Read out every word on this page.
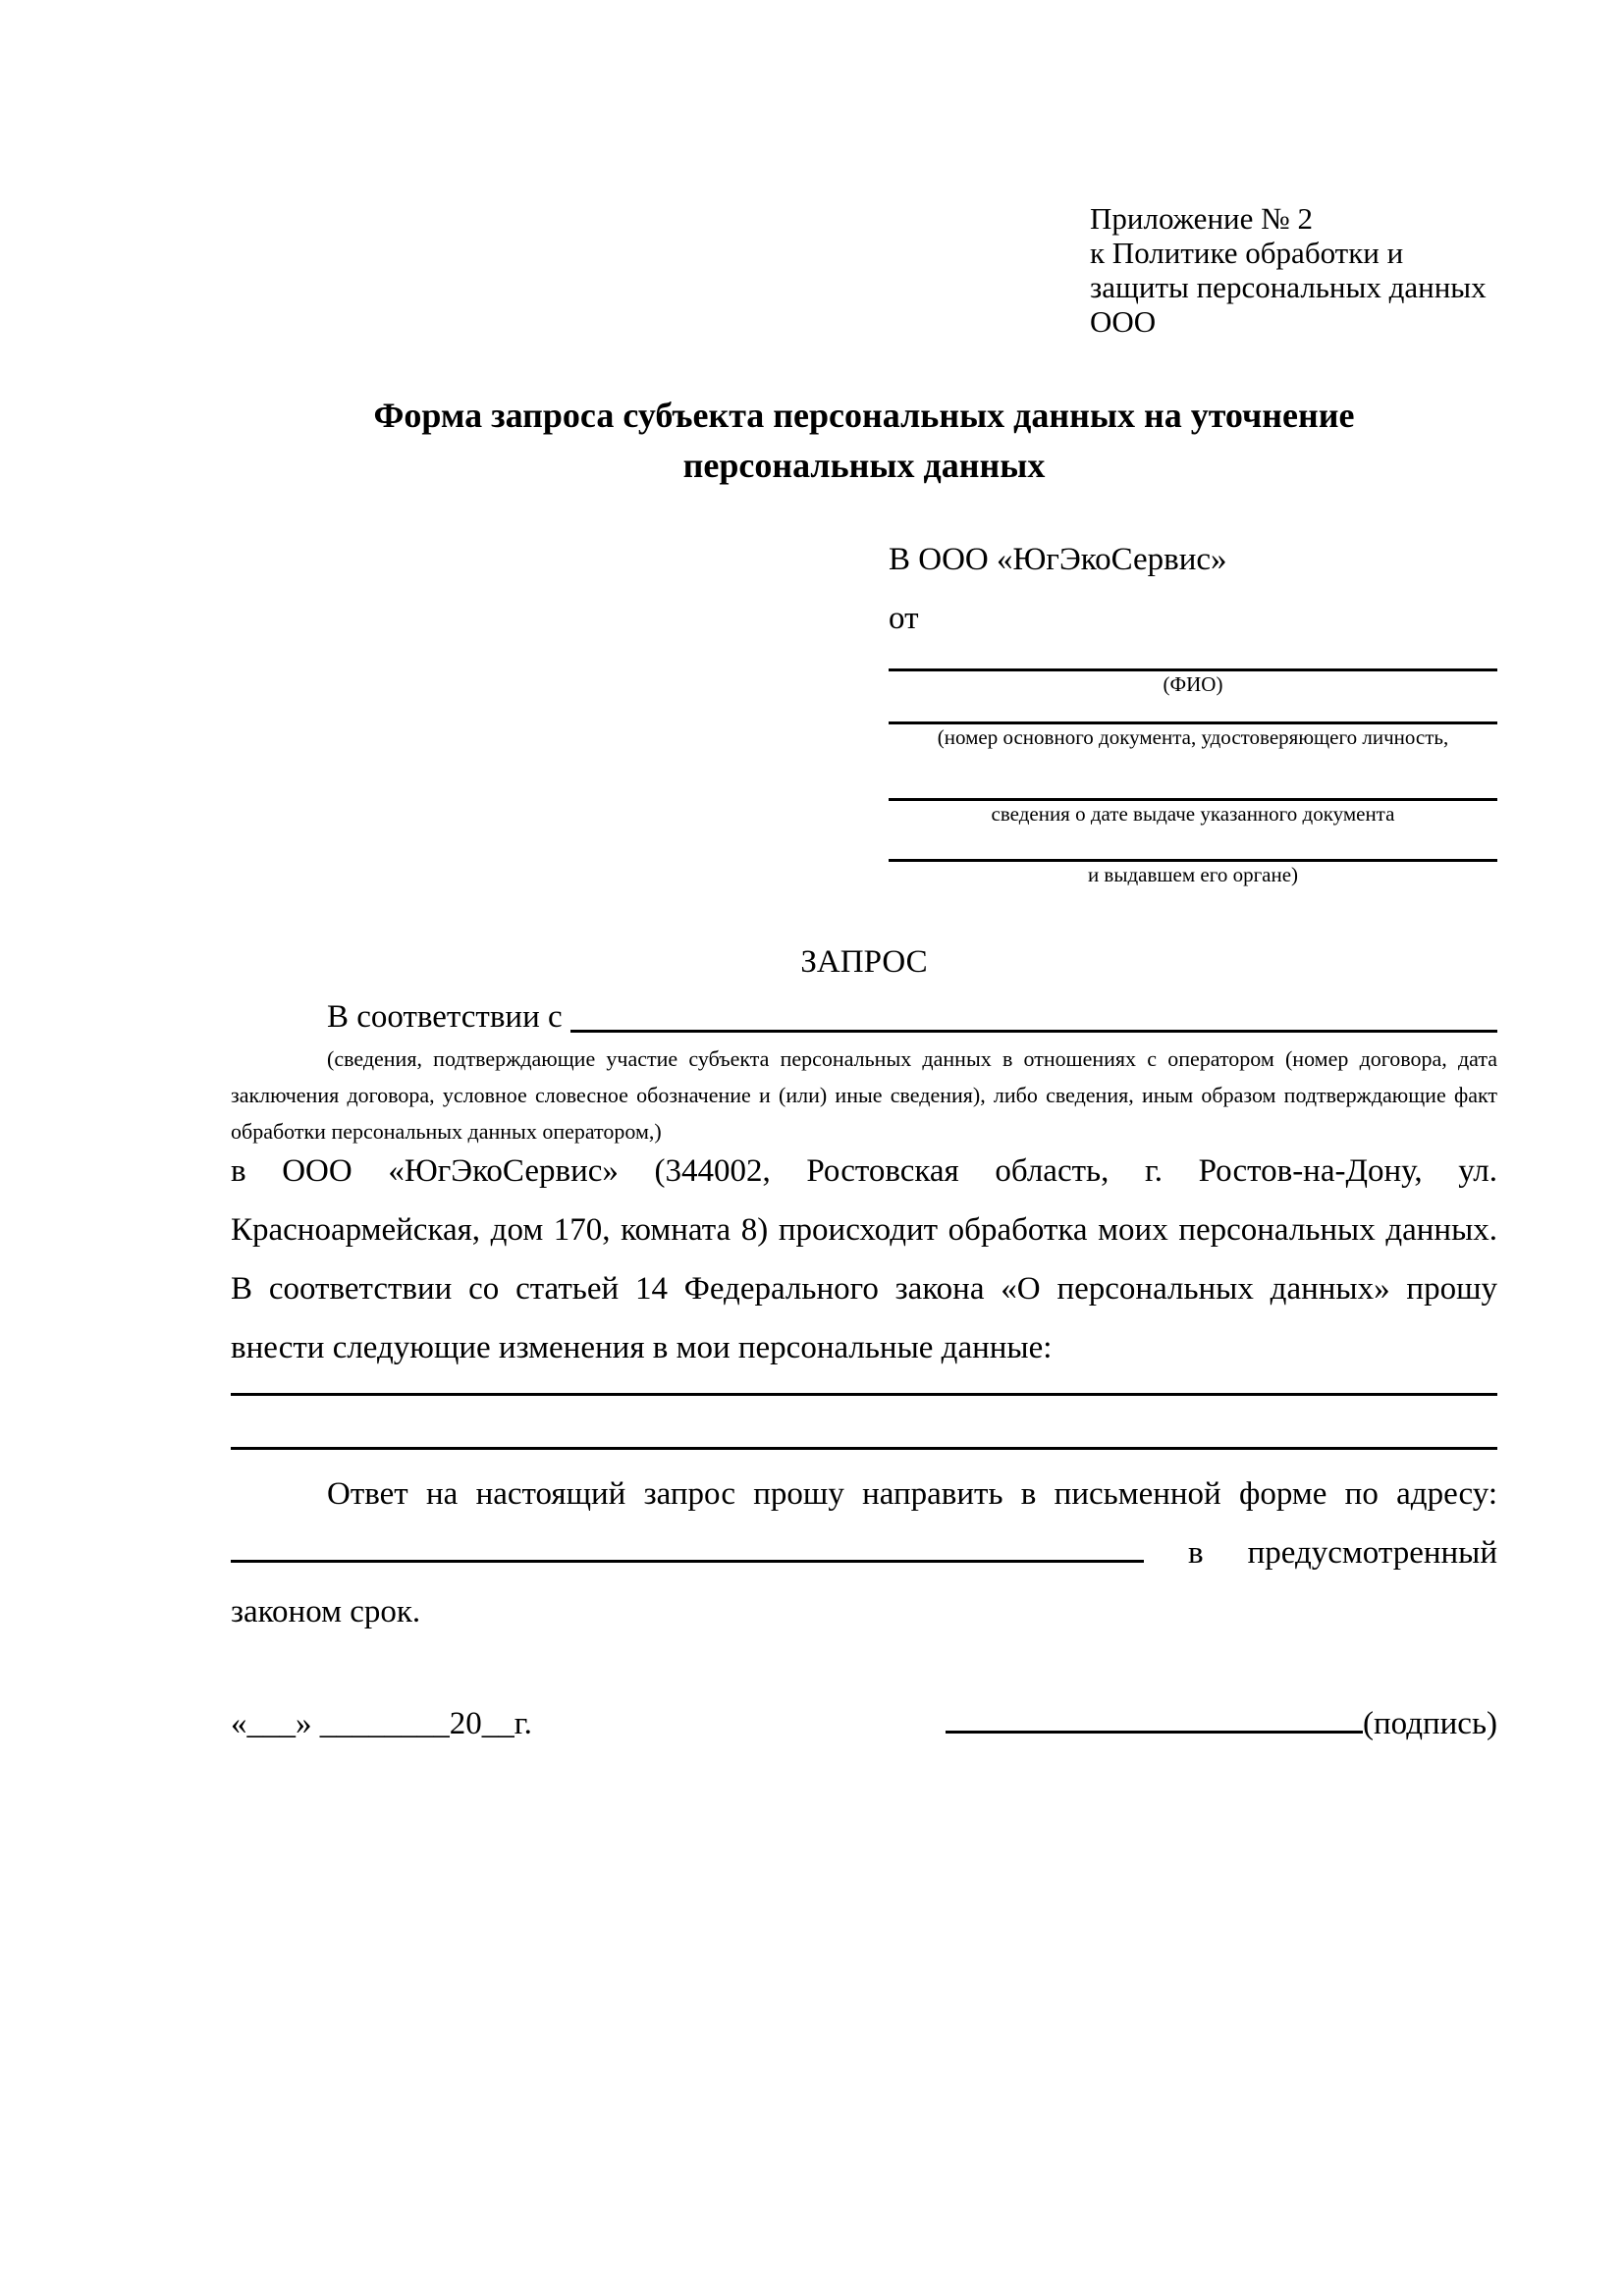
Приложение № 2
к Политике обработки и
защиты персональных данных
ООО
Форма запроса субъекта персональных данных на уточнение персональных данных
В ООО «ЮгЭкоСервис»
от
(ФИО)
(номер основного документа, удостоверяющего личность,
сведения о дате выдаче указанного документа
и выдавшем его органе)
ЗАПРОС
В соответствии с
(сведения, подтверждающие участие субъекта персональных данных в отношениях с оператором (номер договора, дата заключения договора, условное словесное обозначение и (или) иные сведения), либо сведения, иным образом подтверждающие факт обработки персональных данных оператором,)
в ООО «ЮгЭкоСервис» (344002, Ростовская область, г. Ростов-на-Дону, ул. Красноармейская, дом 170, комната 8) происходит обработка моих персональных данных. В соответствии со статьей 14 Федерального закона «О персональных данных» прошу внести следующие изменения в мои персональные данные:
Ответ на настоящий запрос прошу направить в письменной форме по адресу:  в предусмотренный законом срок.
«___» ________20__г.	(подпись)
